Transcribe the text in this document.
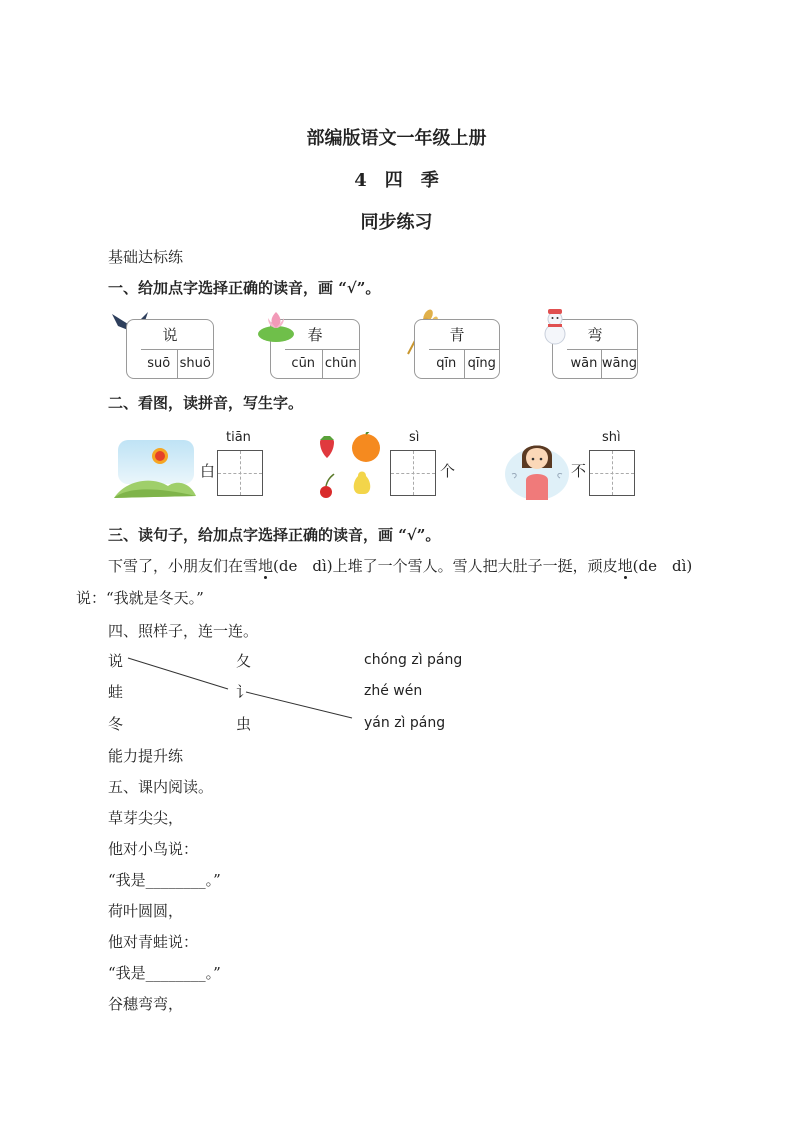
部编版语文一年级上册
4　四　季
同步练习
基础达标练
一、给加点字选择正确的读音，画 “√”。
说
suō shuō
春
cūn chūn
青
qīn qīng
弯
wān wāng
二、看图，读拼音，写生字。
白
tiān	sì
个	不
shì
三、读句子，给加点字选择正确的读音，画 “√”。
下雪了，小朋友们在雪地(de　dì)上堆了一个雪人。雪人把大肚子一挺，顽皮地(de　dì)
说：“我就是冬天。”
四、照样子，连一连。
说
蛙
冬
夂
讠
虫
chóng zì páng
zhé wén
yán zì páng
能力提升练
五、课内阅读。
草芽尖尖，
他对小鸟说：
“我是________。”
荷叶圆圆，
他对青蛙说：
“我是________。”
谷穗弯弯，
